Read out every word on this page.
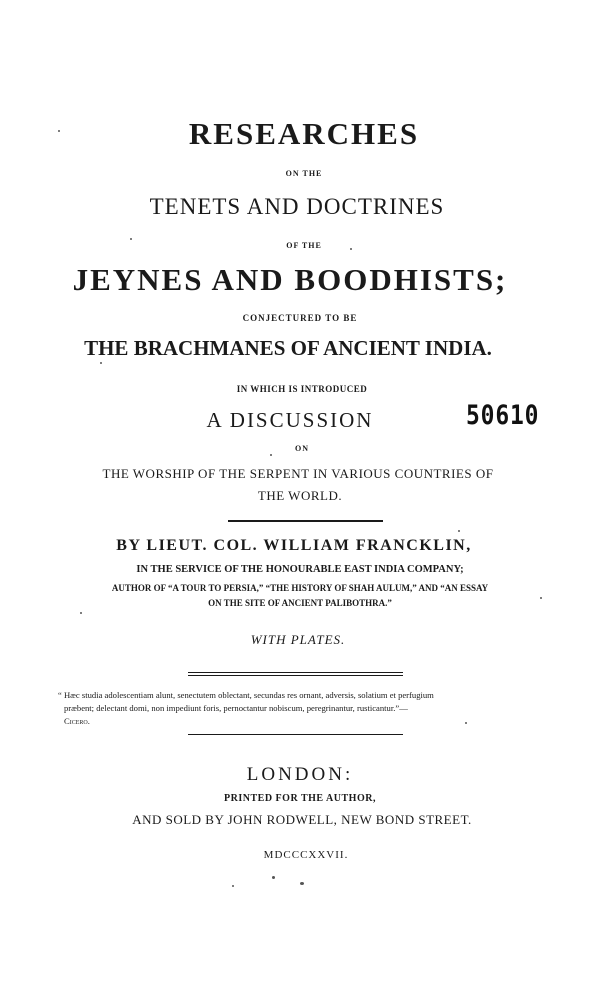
RESEARCHES
ON THE
TENETS AND DOCTRINES
OF THE
JEYNES AND BOODHISTS;
CONJECTURED TO BE
THE BRACHMANES OF ANCIENT INDIA.
IN WHICH IS INTRODUCED
A DISCUSSION	50610
ON
THE WORSHIP OF THE SERPENT IN VARIOUS COUNTRIES OF
THE WORLD.
BY LIEUT. COL. WILLIAM FRANCKLIN,
IN THE SERVICE OF THE HONOURABLE EAST INDIA COMPANY;
AUTHOR OF “A TOUR TO PERSIA,” “THE HISTORY OF SHAH AULUM,” AND “AN ESSAY
ON THE SITE OF ANCIENT PALIBOTHRA.”
WITH PLATES.
“ Hæc studia adolescentiam alunt, senectutem oblectant, secundas res ornant, adversis, solatium et perfugium
præbent; delectant domi, non impediunt foris, pernoctantur nobiscum, peregrinantur, rusticantur.”—
Cicero.
LONDON:
PRINTED FOR THE AUTHOR,
AND SOLD BY JOHN RODWELL, NEW BOND STREET.
MDCCCXXVII.
